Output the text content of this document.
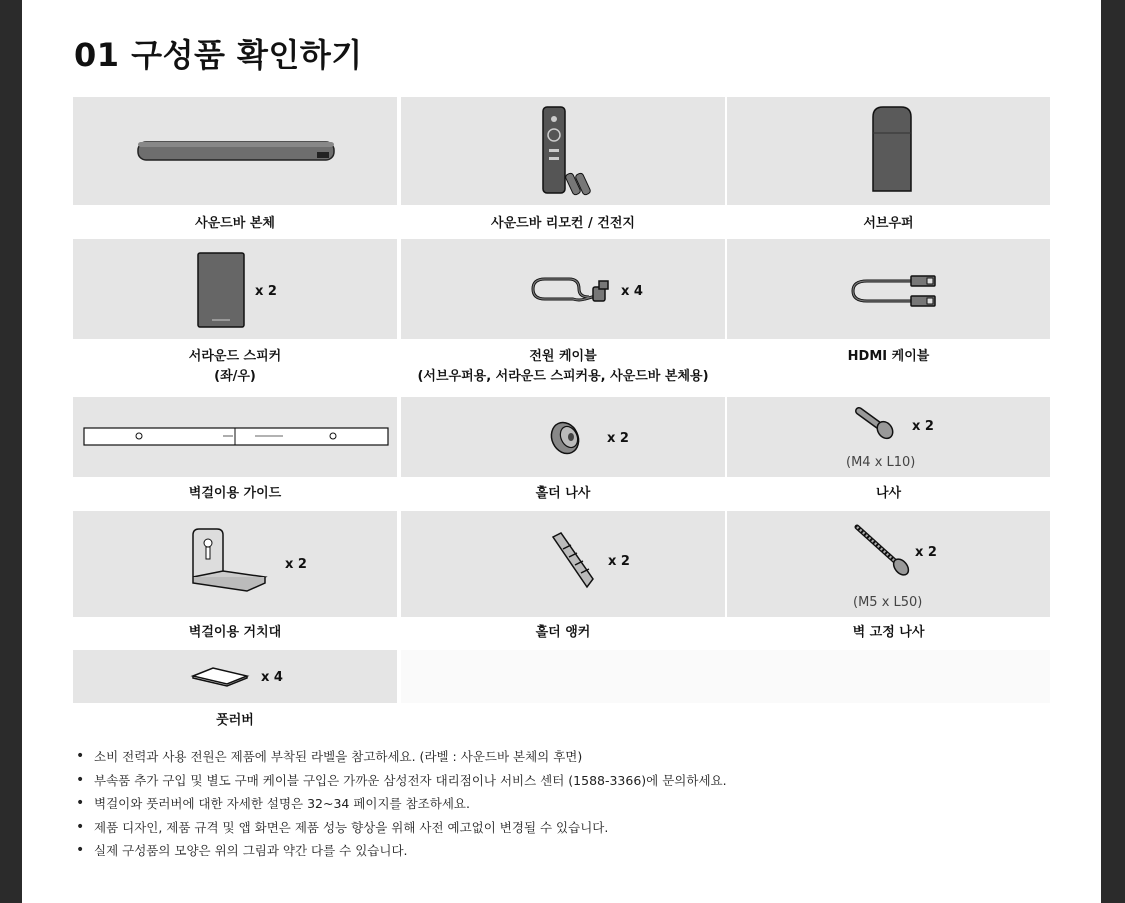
01 구성품 확인하기
사운드바 본체	사운드바 리모컨 / 건전지	서브우퍼
x 2
서라운드 스피커
(좌/우)
x 4
전원 케이블
(서브우퍼용, 서라운드 스피커용, 사운드바 본체용)
HDMI 케이블
벽걸이용 가이드
x 2
홀더 나사
x 2
(M4 x L10)
나사
x 2
벽걸이용 거치대
x 2
홀더 앵커
x 2
(M5 x L50)
벽 고정 나사
x 4
풋러버
• 소비 전력과 사용 전원은 제품에 부착된 라벨을 참고하세요. (라벨 : 사운드바 본체의 후면)
• 부속품 추가 구입 및 별도 구매 케이블 구입은 가까운 삼성전자 대리점이나 서비스 센터 (1588-3366)에 문의하세요.
• 벽걸이와 풋러버에 대한 자세한 설명은 32~34 페이지를 참조하세요.
• 제품 디자인, 제품 규격 및 앱 화면은 제품 성능 향상을 위해 사전 예고없이 변경될 수 있습니다.
• 실제 구성품의 모양은 위의 그림과 약간 다를 수 있습니다.
